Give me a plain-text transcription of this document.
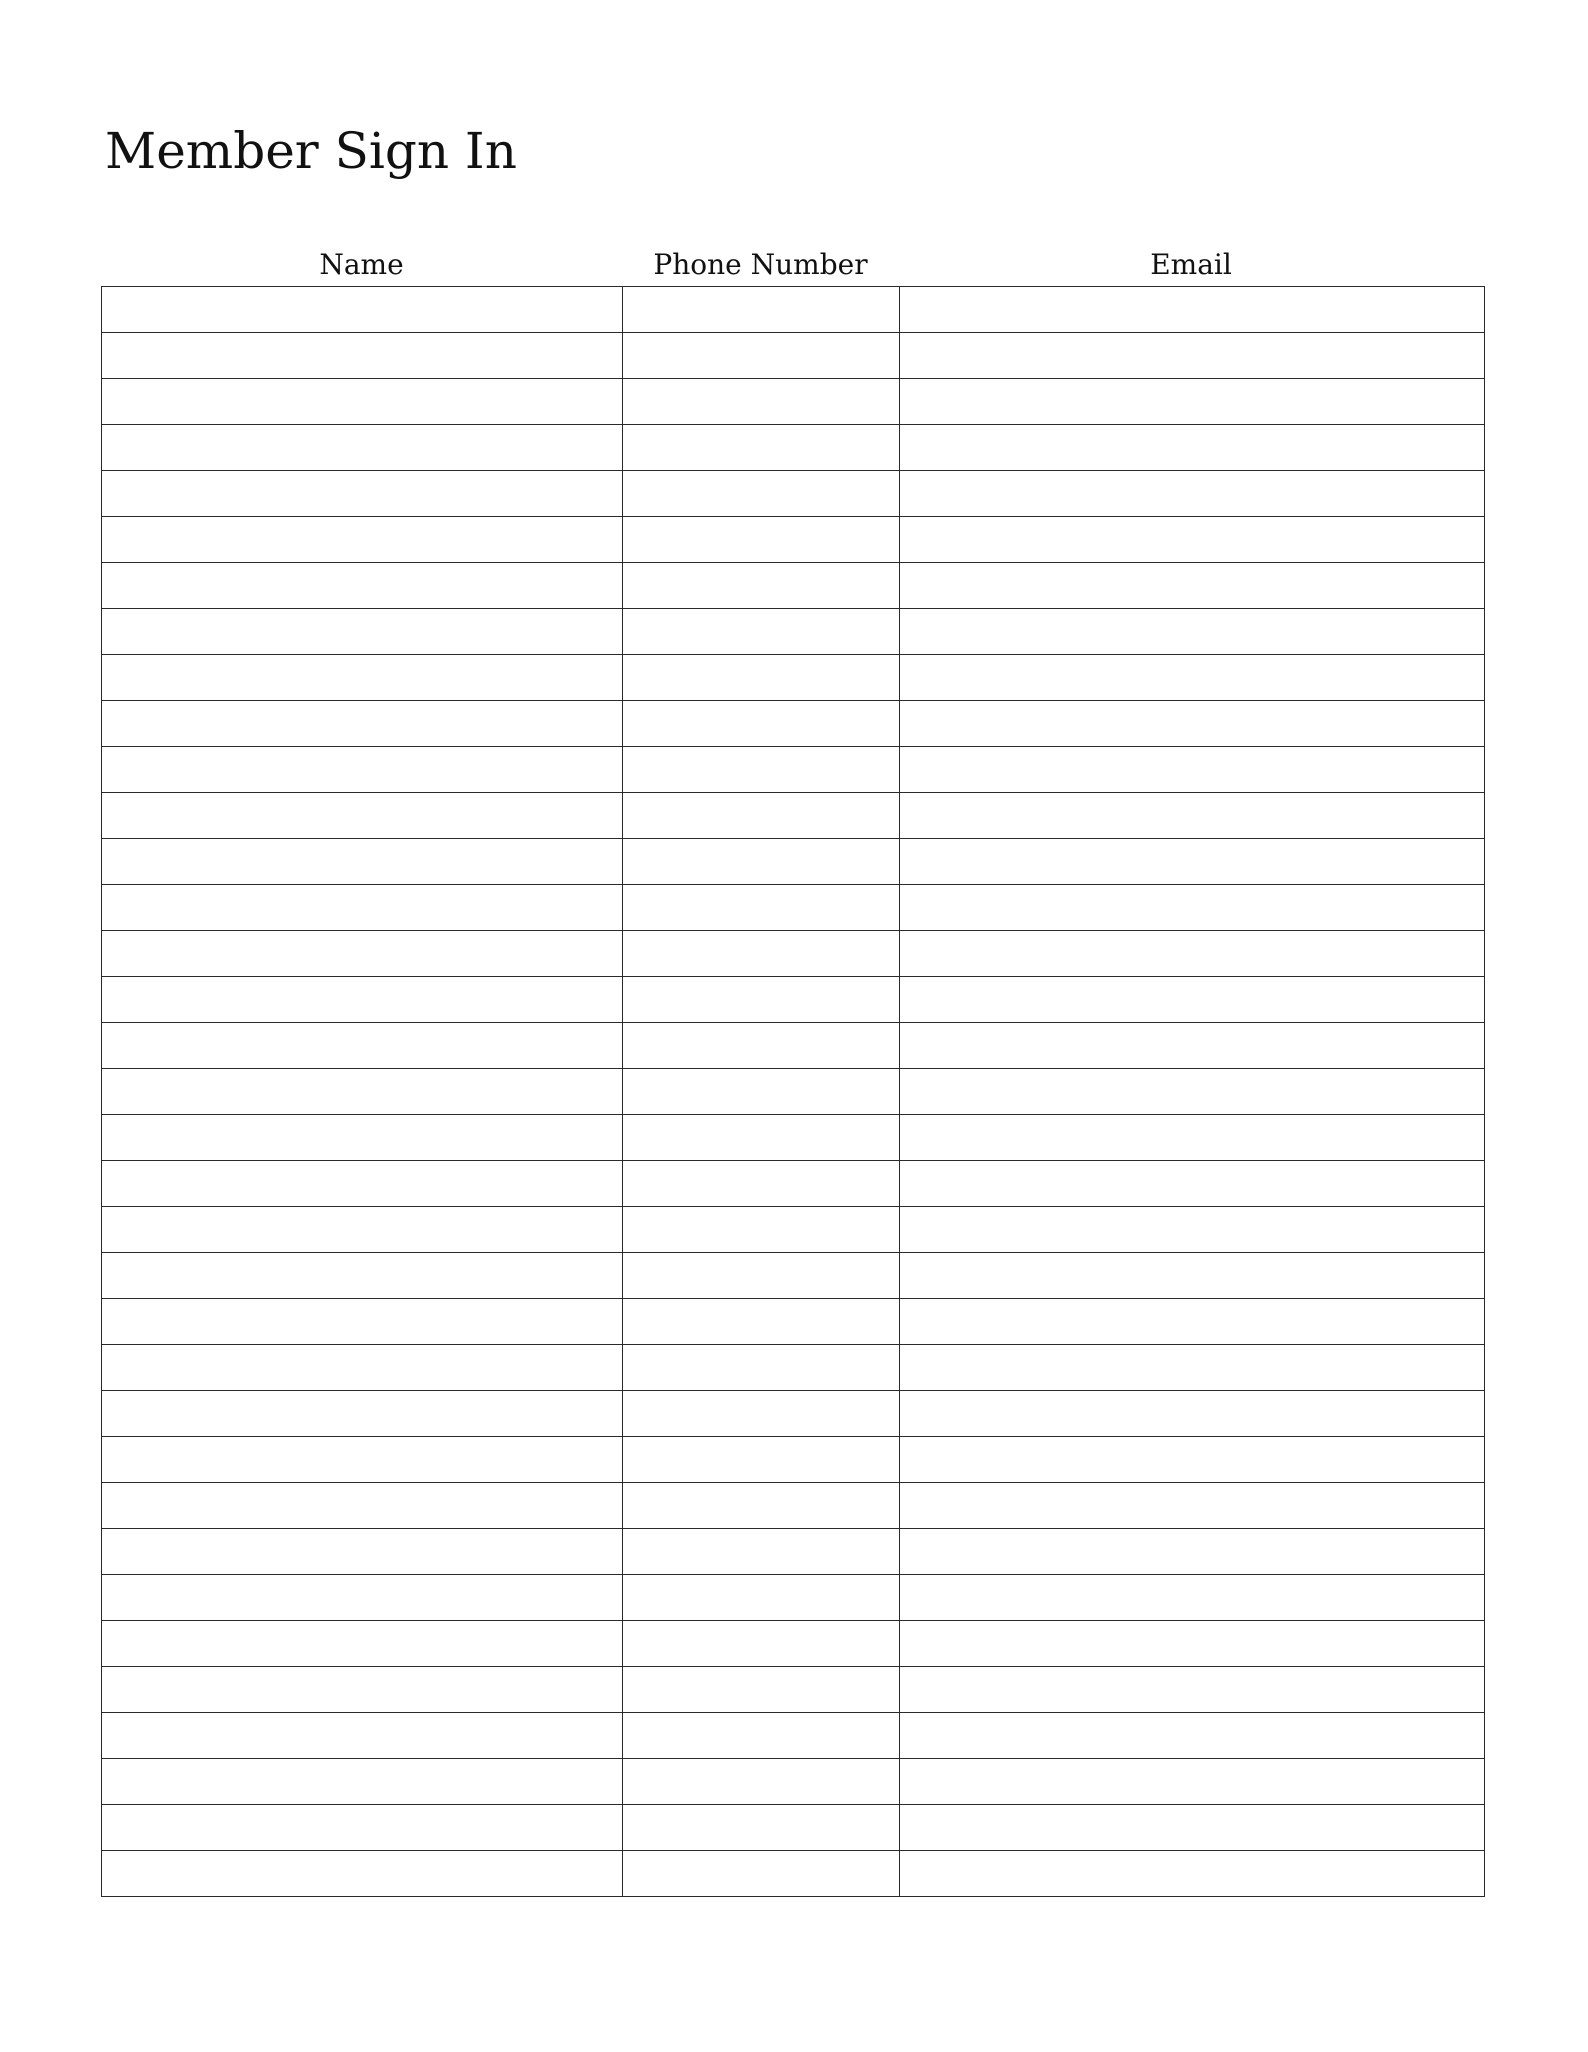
Member Sign In
Name	Phone Number	Email
